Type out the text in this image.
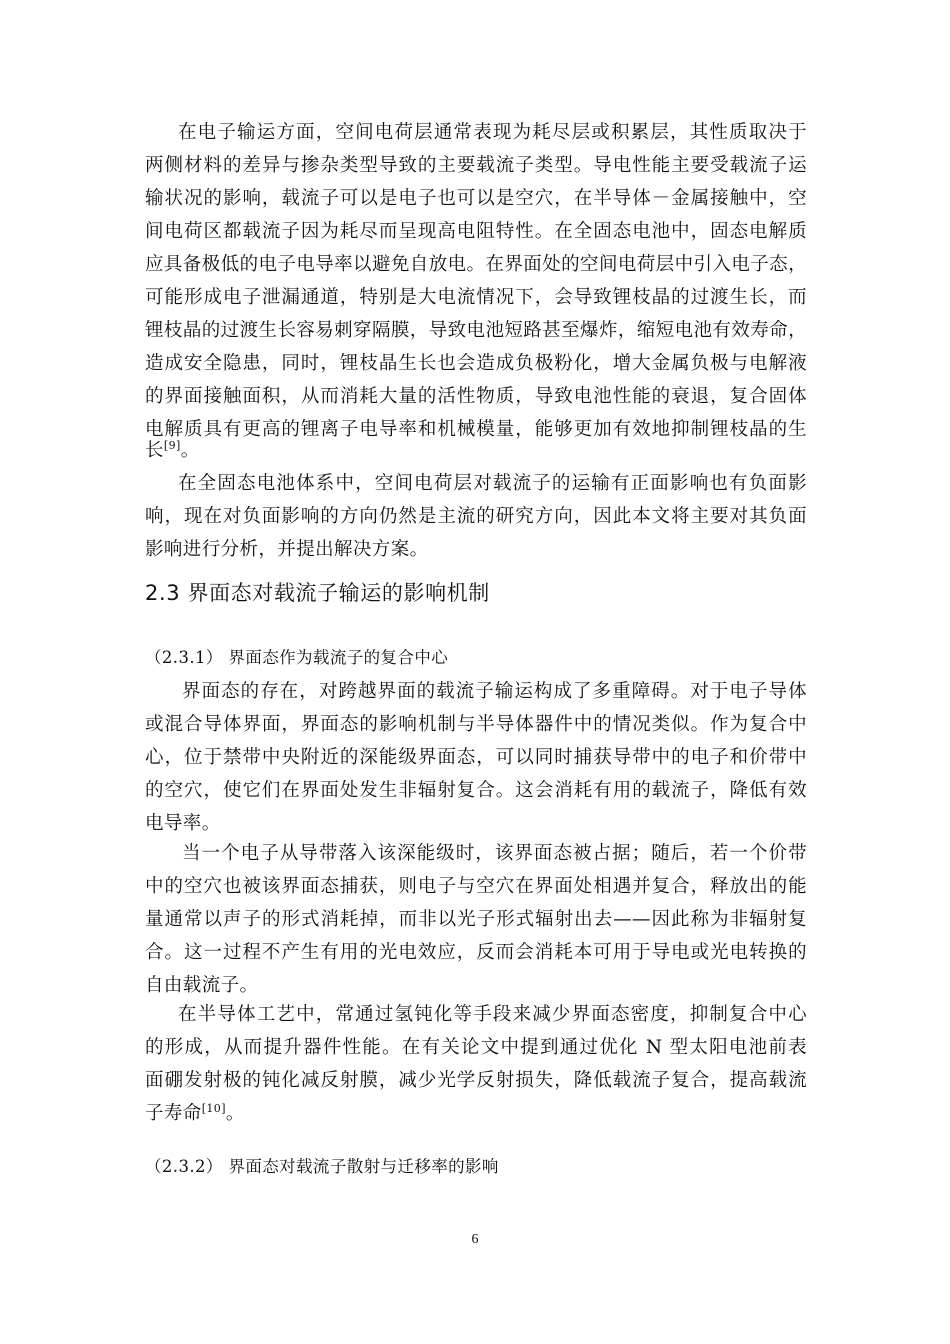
在电子输运方面，空间电荷层通常表现为耗尽层或积累层，其性质取决于
两侧材料的差异与掺杂类型导致的主要载流子类型。导电性能主要受载流子运
输状况的影响，载流子可以是电子也可以是空穴，在半导体－金属接触中，空
间电荷区都载流子因为耗尽而呈现高电阻特性。在全固态电池中，固态电解质
应具备极低的电子电导率以避免自放电。在界面处的空间电荷层中引入电子态，
可能形成电子泄漏通道，特别是大电流情况下，会导致锂枝晶的过渡生长，而
锂枝晶的过渡生长容易刺穿隔膜，导致电池短路甚至爆炸，缩短电池有效寿命，
造成安全隐患，同时，锂枝晶生长也会造成负极粉化，增大金属负极与电解液
的界面接触面积，从而消耗大量的活性物质，导致电池性能的衰退，复合固体
电解质具有更高的锂离子电导率和机械模量，能够更加有效地抑制锂枝晶的生
长[9]。
在全固态电池体系中，空间电荷层对载流子的运输有正面影响也有负面影
响，现在对负面影响的方向仍然是主流的研究方向，因此本文将主要对其负面
影响进行分析，并提出解决方案。
2.3 界面态对载流子输运的影响机制
（2.3.1） 界面态作为载流子的复合中心
界面态的存在，对跨越界面的载流子输运构成了多重障碍。对于电子导体
或混合导体界面，界面态的影响机制与半导体器件中的情况类似。作为复合中
心，位于禁带中央附近的深能级界面态，可以同时捕获导带中的电子和价带中
的空穴，使它们在界面处发生非辐射复合。这会消耗有用的载流子，降低有效
电导率。
当一个电子从导带落入该深能级时，该界面态被占据；随后，若一个价带
中的空穴也被该界面态捕获，则电子与空穴在界面处相遇并复合，释放出的能
量通常以声子的形式消耗掉，而非以光子形式辐射出去——因此称为非辐射复
合。这一过程不产生有用的光电效应，反而会消耗本可用于导电或光电转换的
自由载流子。
在半导体工艺中，常通过氢钝化等手段来减少界面态密度，抑制复合中心
的形成，从而提升器件性能。在有关论文中提到通过优化 N 型太阳电池前表
面硼发射极的钝化减反射膜，减少光学反射损失，降低载流子复合，提高载流
子寿命[10]。
（2.3.2） 界面态对载流子散射与迁移率的影响
6
